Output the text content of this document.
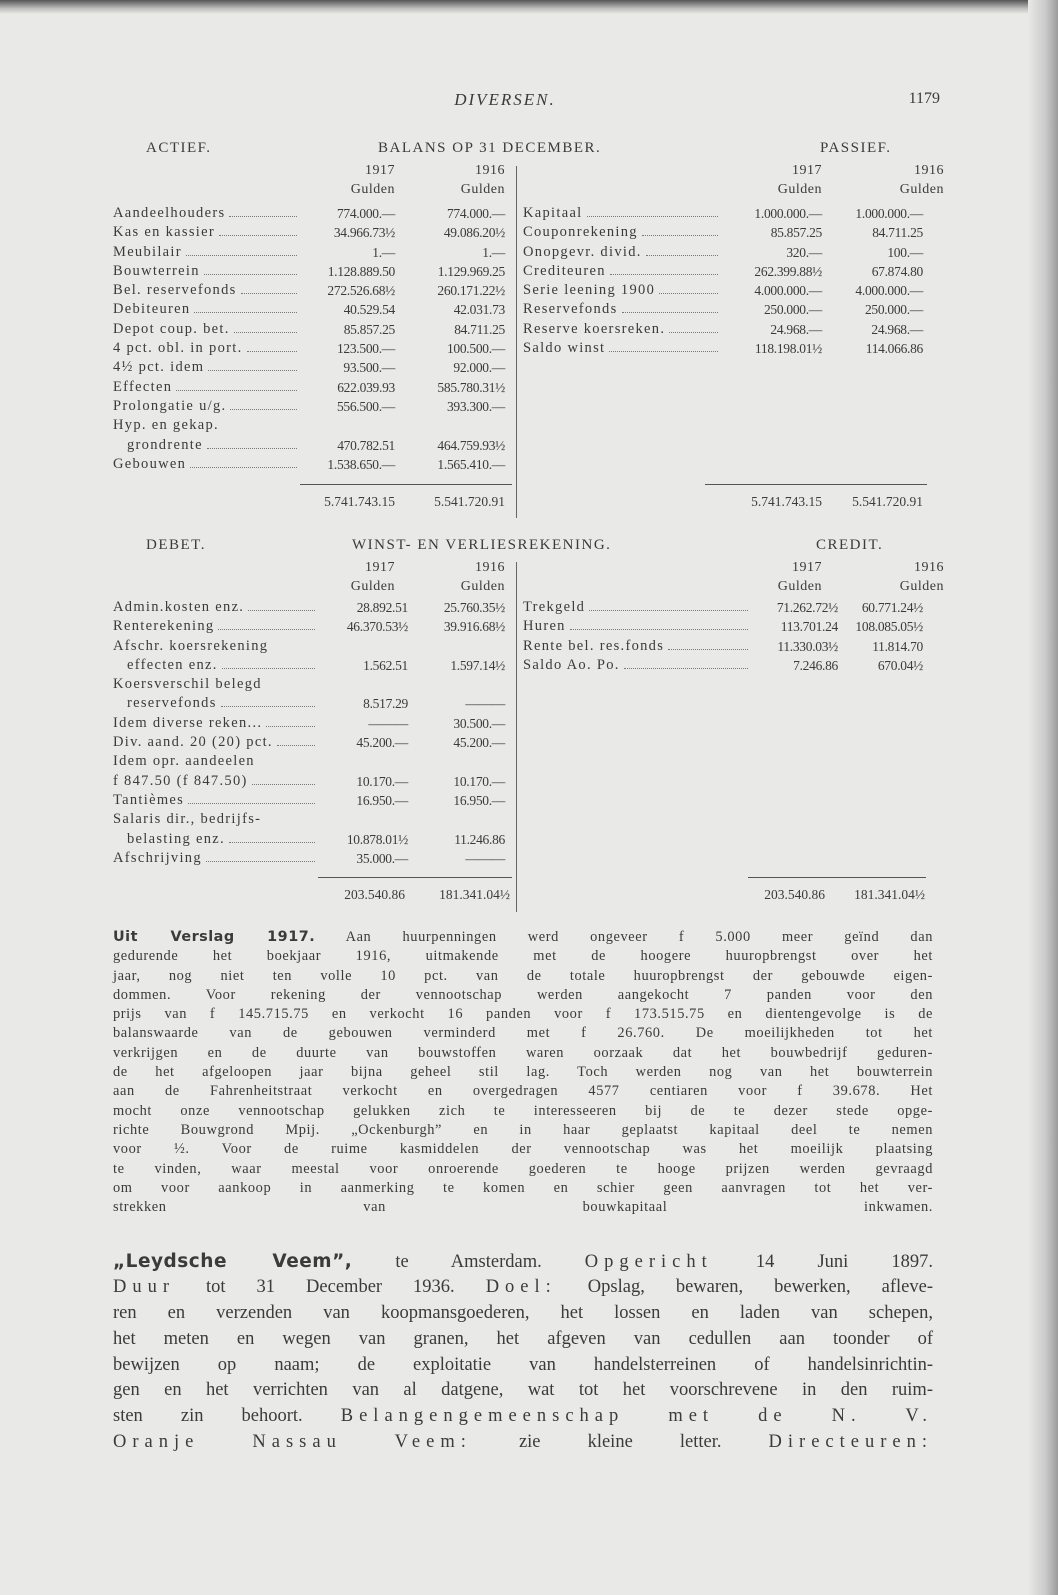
DIVERSEN.	1179
ACTIEF.	BALANS OP 31 DECEMBER.	PASSIEF.
1917	1916
Gulden	Gulden
1917	1916
Gulden	Gulden
Aandeelhouders	774.000.—	774.000.—

Kas en kassier	34.966.73½	49.086.20½

Meubilair	1.—	1.—

Bouwterrein	1.128.889.50	1.129.969.25

Bel. reservefonds	272.526.68½	260.171.22½

Debiteuren	40.529.54	42.031.73

Depot coup. bet.	85.857.25	84.711.25

4 pct. obl. in port.	123.500.—	100.500.—

4½ pct. idem	93.500.—	92.000.—

Effecten	622.039.93	585.780.31½

Prolongatie u/g.	556.500.—	393.300.—

Hyp. en gekap.		

grondrente	470.782.51	464.759.93½

Gebouwen	1.538.650.—	1.565.410.—
Kapitaal	1.000.000.—	1.000.000.—

Couponrekening	85.857.25	84.711.25

Onopgevr. divid.	320.—	100.—

Crediteuren	262.399.88½	67.874.80

Serie leening 1900	4.000.000.—	4.000.000.—

Reservefonds	250.000.—	250.000.—

Reserve koersreken.	24.968.—	24.968.—

Saldo winst	118.198.01½	114.066.86
5.741.743.15	5.541.720.91	5.741.743.15	5.541.720.91
DEBET.	WINST- EN VERLIESREKENING.	CREDIT.
1917	1916
Gulden	Gulden
1917	1916
Gulden	Gulden
Admin.kosten enz.	28.892.51	25.760.35½

Renterekening	46.370.53½	39.916.68½

Afschr. koersrekening		

effecten enz.	1.562.51	1.597.14½

Koersverschil belegd		

reservefonds	8.517.29	———

Idem diverse reken...	———	30.500.—

Div. aand. 20 (20) pct.	45.200.—	45.200.—

Idem opr. aandeelen		

f 847.50 (f 847.50)	10.170.—	10.170.—

Tantièmes	16.950.—	16.950.—

Salaris dir., bedrijfs-		

belasting enz.	10.878.01½	11.246.86

Afschrijving	35.000.—	———
Trekgeld	71.262.72½	60.771.24½

Huren	113.701.24	108.085.05½

Rente bel. res.fonds	11.330.03½	11.814.70

Saldo Ao. Po.	7.246.86	670.04½
203.540.86	181.341.04½	203.540.86	181.341.04½
Uit Verslag 1917. Aan huurpenningen werd ongeveer f 5.000 meer geïnd dan
gedurende het boekjaar 1916, uitmakende met de hoogere huuropbrengst over het
jaar, nog niet ten volle 10 pct. van de totale huuropbrengst der gebouwde eigen-
dommen. Voor rekening der vennootschap werden aangekocht 7 panden voor den
prijs van f 145.715.75 en verkocht 16 panden voor f 173.515.75 en dientengevolge is de
balanswaarde van de gebouwen verminderd met f 26.760. De moeilijkheden tot het
verkrijgen en de duurte van bouwstoffen waren oorzaak dat het bouwbedrijf geduren-
de het afgeloopen jaar bijna geheel stil lag. Toch werden nog van het bouwterrein
aan de Fahrenheitstraat verkocht en overgedragen 4577 centiaren voor f 39.678. Het
mocht onze vennootschap gelukken zich te interesseeren bij de te dezer stede opge-
richte Bouwgrond Mpij. „Ockenburgh” en in haar geplaatst kapitaal deel te nemen
voor ½. Voor de ruime kasmiddelen der vennootschap was het moeilijk plaatsing
te vinden, waar meestal voor onroerende goederen te hooge prijzen werden gevraagd
om voor aankoop in aanmerking te komen en schier geen aanvragen tot het ver-
strekken van bouwkapitaal inkwamen.
„Leydsche Veem”, te Amsterdam. Opgericht 14 Juni 1897.
Duur tot 31 December 1936. Doel: Opslag, bewaren, bewerken, afleve-
ren en verzenden van koopmansgoederen, het lossen en laden van schepen,
het meten en wegen van granen, het afgeven van cedullen aan toonder of
bewijzen op naam; de exploitatie van handelsterreinen of handelsinrichtin-
gen en het verrichten van al datgene, wat tot het voorschrevene in den ruim-
sten zin behoort. Belangengemeenschap met de N. V.
Oranje Nassau Veem: zie kleine letter. Directeuren:
